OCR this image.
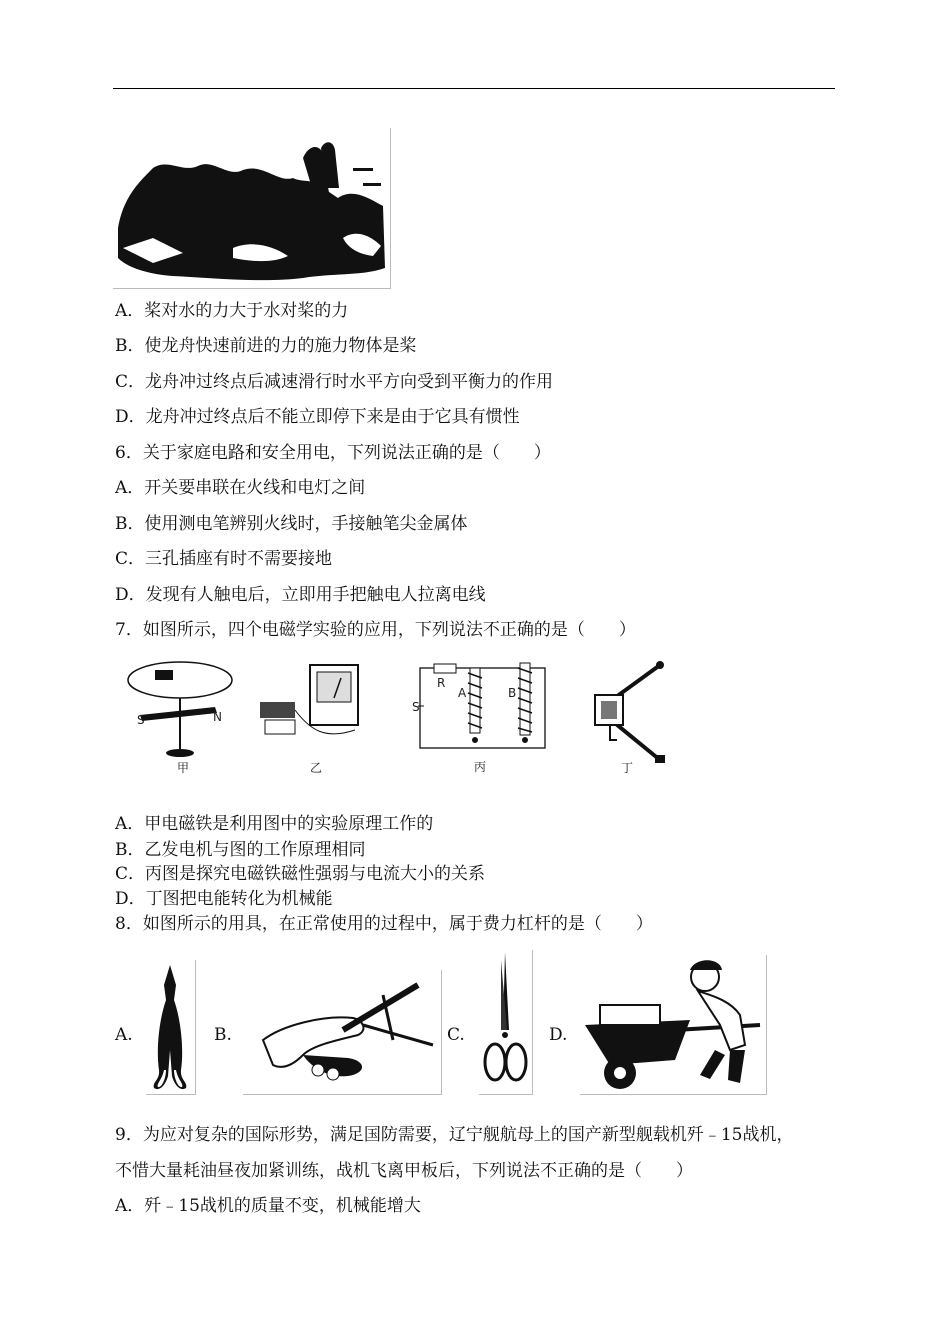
A．桨对水的力大于水对桨的力
B．使龙舟快速前进的力的施力物体是桨
C．龙舟冲过终点后减速滑行时水平方向受到平衡力的作用
D．龙舟冲过终点后不能立即停下来是由于它具有惯性
6．关于家庭电路和安全用电，下列说法正确的是（　　）
A．开关要串联在火线和电灯之间
B．使用测电笔辨别火线时，手接触笔尖金属体
C．三孔插座有时不需要接地
D．发现有人触电后，立即用手把触电人拉离电线
7．如图所示，四个电磁学实验的应用，下列说法不正确的是（　　）
S	N
甲	乙
R
A	B
S
丙	丁
A．甲电磁铁是利用图中的实验原理工作的
B．乙发电机与图的工作原理相同
C．丙图是探究电磁铁磁性强弱与电流大小的关系
D．丁图把电能转化为机械能
8．如图所示的用具，在正常使用的过程中，属于费力杠杆的是（　　）
A.	B.	C.	D.
9．为应对复杂的国际形势，满足国防需要，辽宁舰航母上的国产新型舰载机歼﹣15战机，
不惜大量耗油昼夜加紧训练，战机飞离甲板后，下列说法不正确的是（　　）
A．歼﹣15战机的质量不变，机械能增大
